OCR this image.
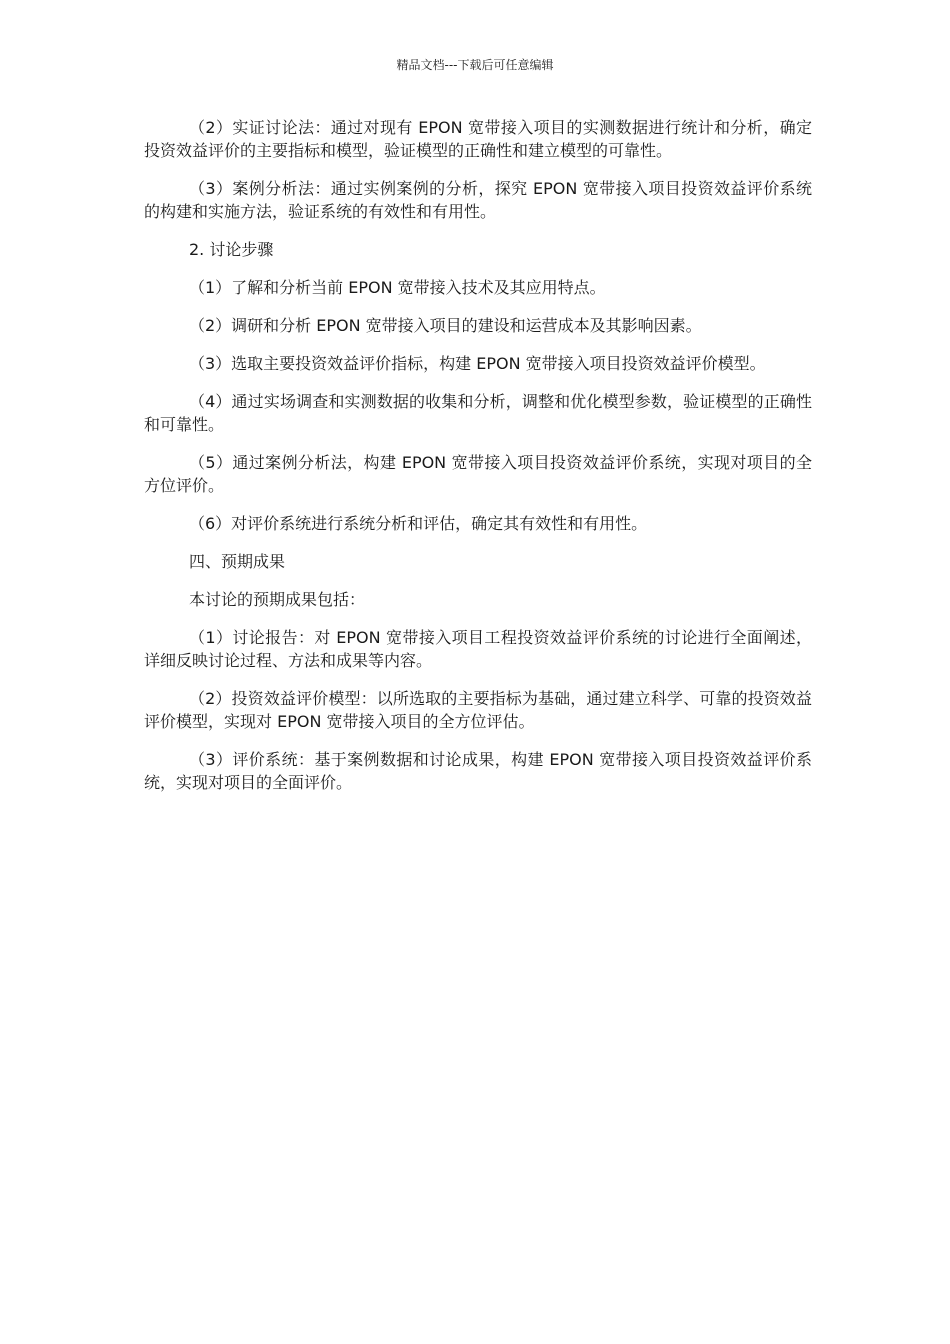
精品文档---下载后可任意编辑

（2）实证讨论法：通过对现有 EPON 宽带接入项目的实测数据进行统计和分析，确定投资效益评价的主要指标和模型，验证模型的正确性和建立模型的可靠性。

（3）案例分析法：通过实例案例的分析，探究 EPON 宽带接入项目投资效益评价系统的构建和实施方法，验证系统的有效性和有用性。

2. 讨论步骤

（1）了解和分析当前 EPON 宽带接入技术及其应用特点。

（2）调研和分析 EPON 宽带接入项目的建设和运营成本及其影响因素。

（3）选取主要投资效益评价指标，构建 EPON 宽带接入项目投资效益评价模型。

（4）通过实场调查和实测数据的收集和分析，调整和优化模型参数，验证模型的正确性和可靠性。

（5）通过案例分析法，构建 EPON 宽带接入项目投资效益评价系统，实现对项目的全方位评价。

（6）对评价系统进行系统分析和评估，确定其有效性和有用性。

四、预期成果

本讨论的预期成果包括：

（1）讨论报告：对 EPON 宽带接入项目工程投资效益评价系统的讨论进行全面阐述，详细反映讨论过程、方法和成果等内容。

（2）投资效益评价模型：以所选取的主要指标为基础，通过建立科学、可靠的投资效益评价模型，实现对 EPON 宽带接入项目的全方位评估。

（3）评价系统：基于案例数据和讨论成果，构建 EPON 宽带接入项目投资效益评价系统，实现对项目的全面评价。
